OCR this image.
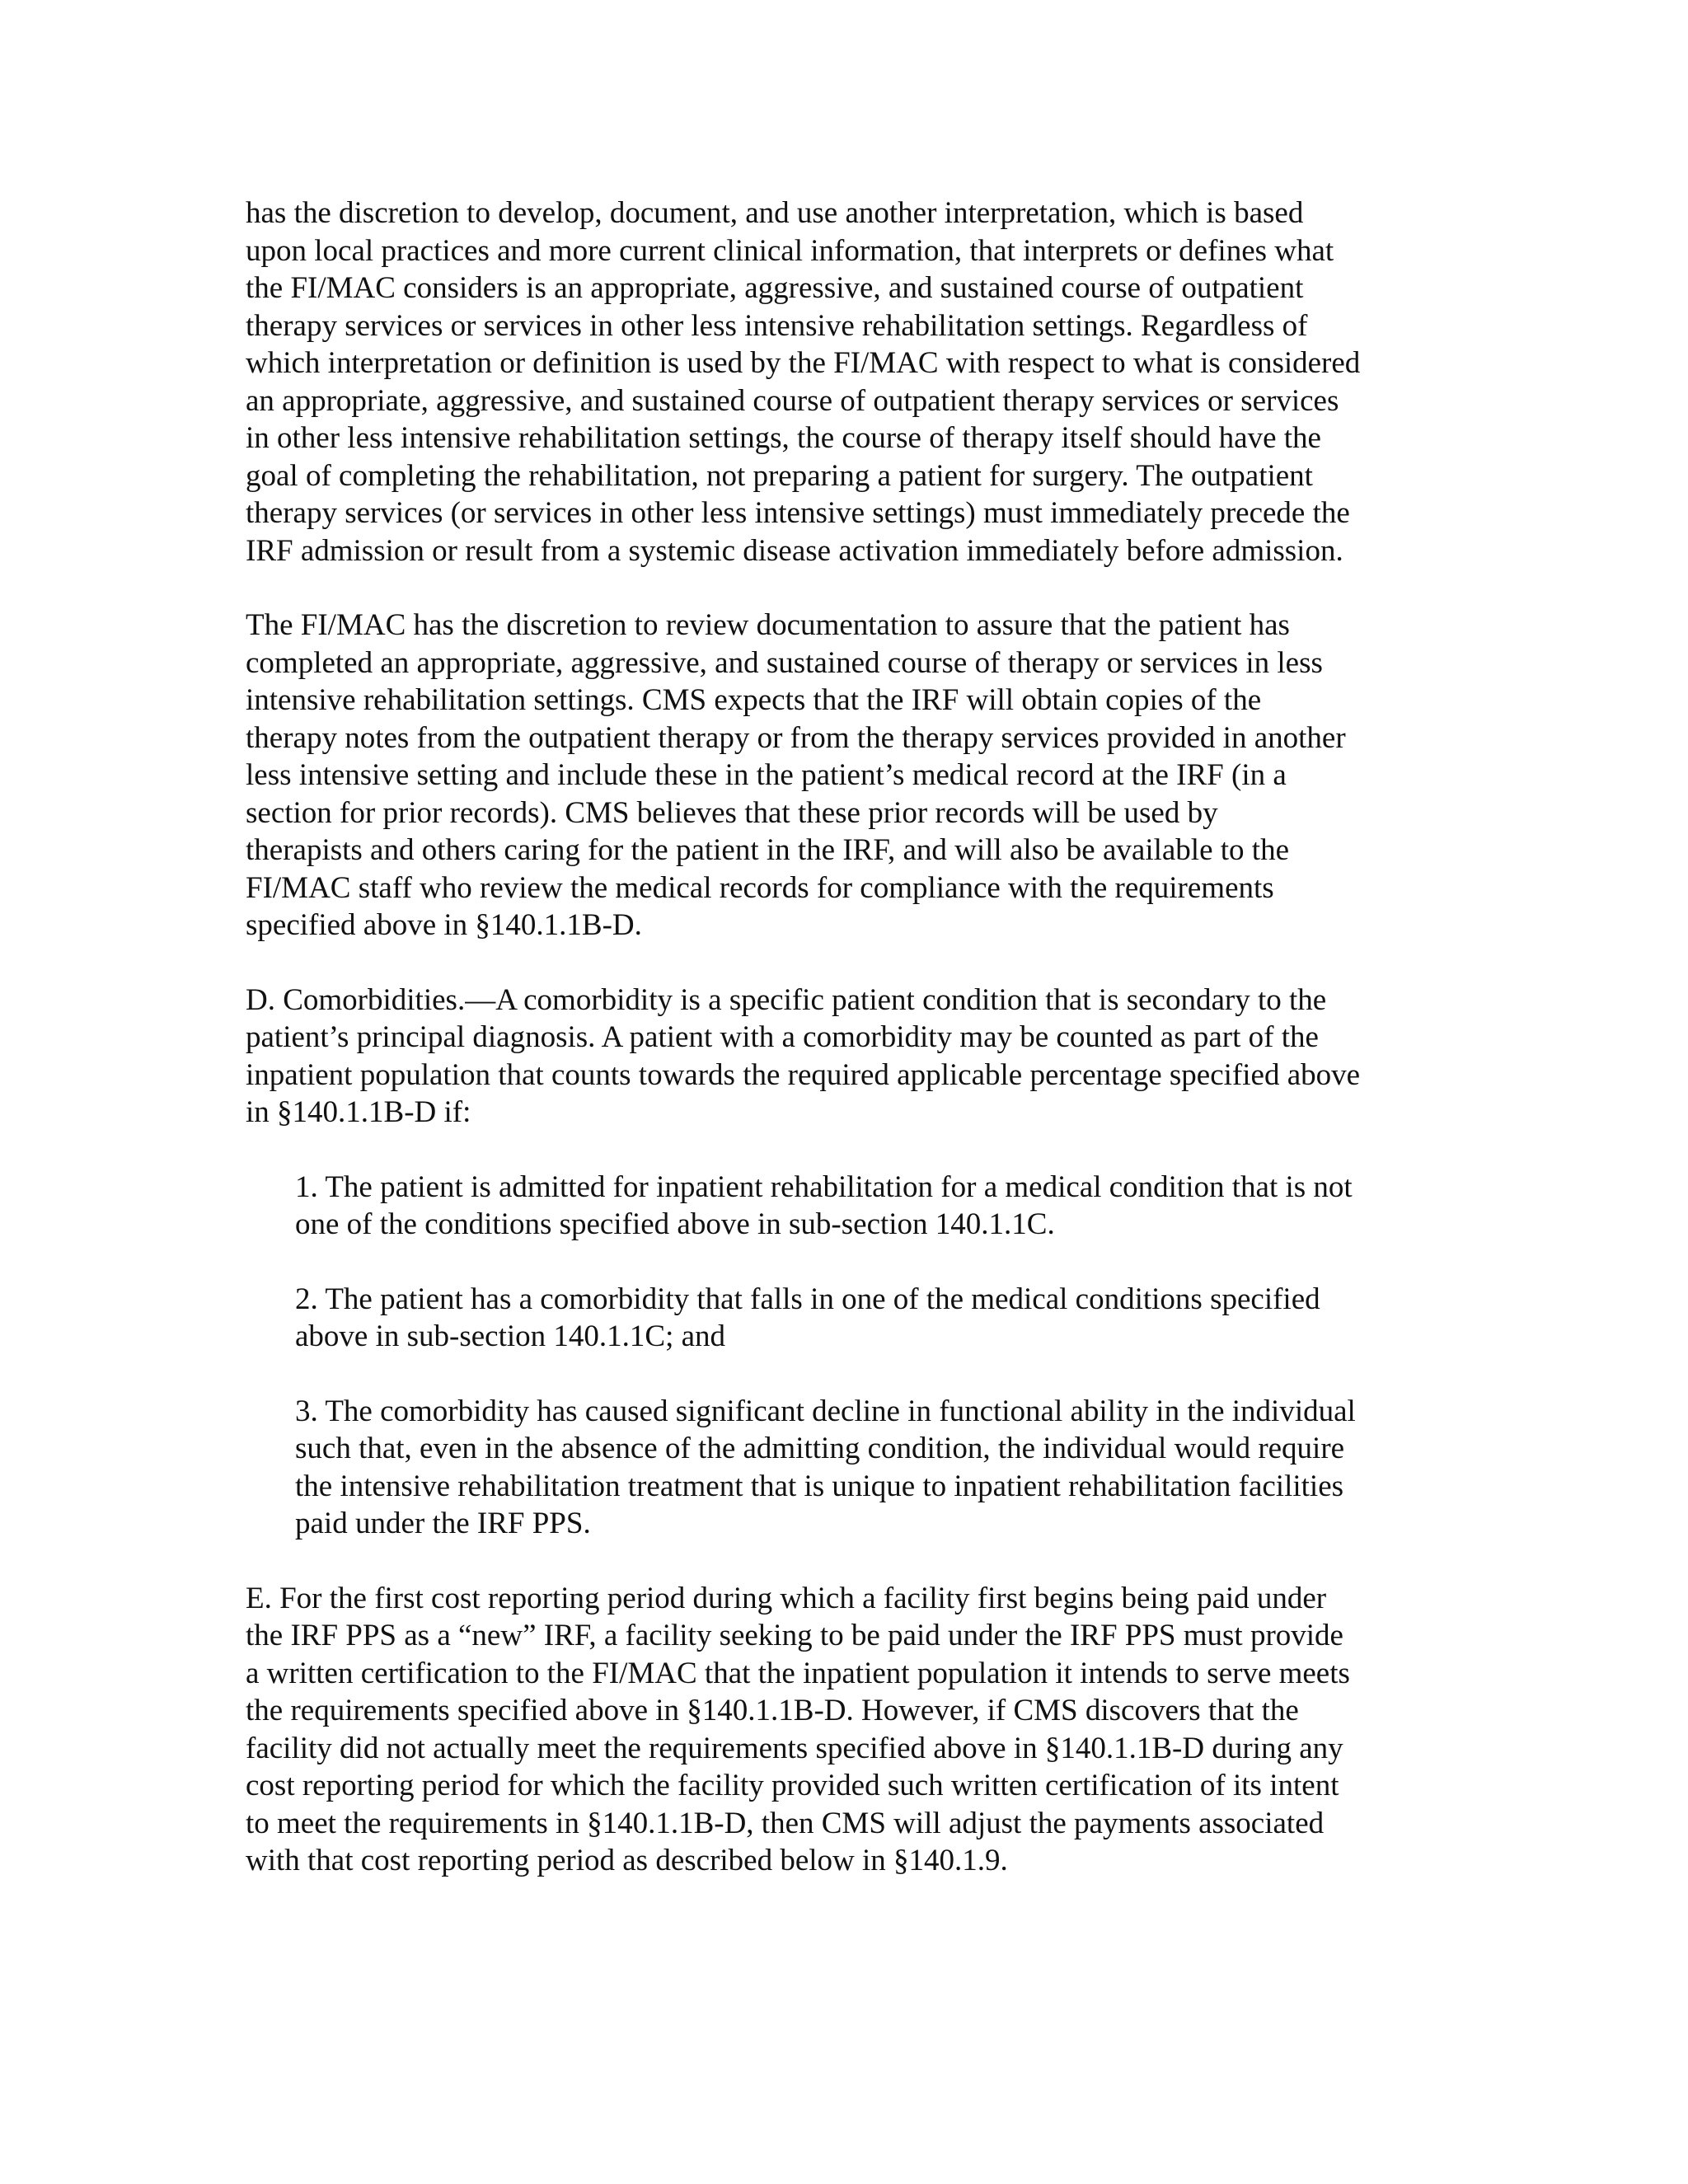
has the discretion to develop, document, and use another interpretation, which is based
upon local practices and more current clinical information, that interprets or defines what
the FI/MAC considers is an appropriate, aggressive, and sustained course of outpatient
therapy services or services in other less intensive rehabilitation settings. Regardless of
which interpretation or definition is used by the FI/MAC with respect to what is considered
an appropriate, aggressive, and sustained course of outpatient therapy services or services
in other less intensive rehabilitation settings, the course of therapy itself should have the
goal of completing the rehabilitation, not preparing a patient for surgery. The outpatient
therapy services (or services in other less intensive settings) must immediately precede the
IRF admission or result from a systemic disease activation immediately before admission.
The FI/MAC has the discretion to review documentation to assure that the patient has
completed an appropriate, aggressive, and sustained course of therapy or services in less
intensive rehabilitation settings. CMS expects that the IRF will obtain copies of the
therapy notes from the outpatient therapy or from the therapy services provided in another
less intensive setting and include these in the patient’s medical record at the IRF (in a
section for prior records). CMS believes that these prior records will be used by
therapists and others caring for the patient in the IRF, and will also be available to the
FI/MAC staff who review the medical records for compliance with the requirements
specified above in §140.1.1B-D.
D. Comorbidities.—A comorbidity is a specific patient condition that is secondary to the
patient’s principal diagnosis. A patient with a comorbidity may be counted as part of the
inpatient population that counts towards the required applicable percentage specified above
in §140.1.1B-D if:
1. The patient is admitted for inpatient rehabilitation for a medical condition that is not
one of the conditions specified above in sub-section 140.1.1C.
2. The patient has a comorbidity that falls in one of the medical conditions specified
above in sub-section 140.1.1C; and
3. The comorbidity has caused significant decline in functional ability in the individual
such that, even in the absence of the admitting condition, the individual would require
the intensive rehabilitation treatment that is unique to inpatient rehabilitation facilities
paid under the IRF PPS.
E. For the first cost reporting period during which a facility first begins being paid under
the IRF PPS as a “new” IRF, a facility seeking to be paid under the IRF PPS must provide
a written certification to the FI/MAC that the inpatient population it intends to serve meets
the requirements specified above in §140.1.1B-D. However, if CMS discovers that the
facility did not actually meet the requirements specified above in §140.1.1B-D during any
cost reporting period for which the facility provided such written certification of its intent
to meet the requirements in §140.1.1B-D, then CMS will adjust the payments associated
with that cost reporting period as described below in §140.1.9.
